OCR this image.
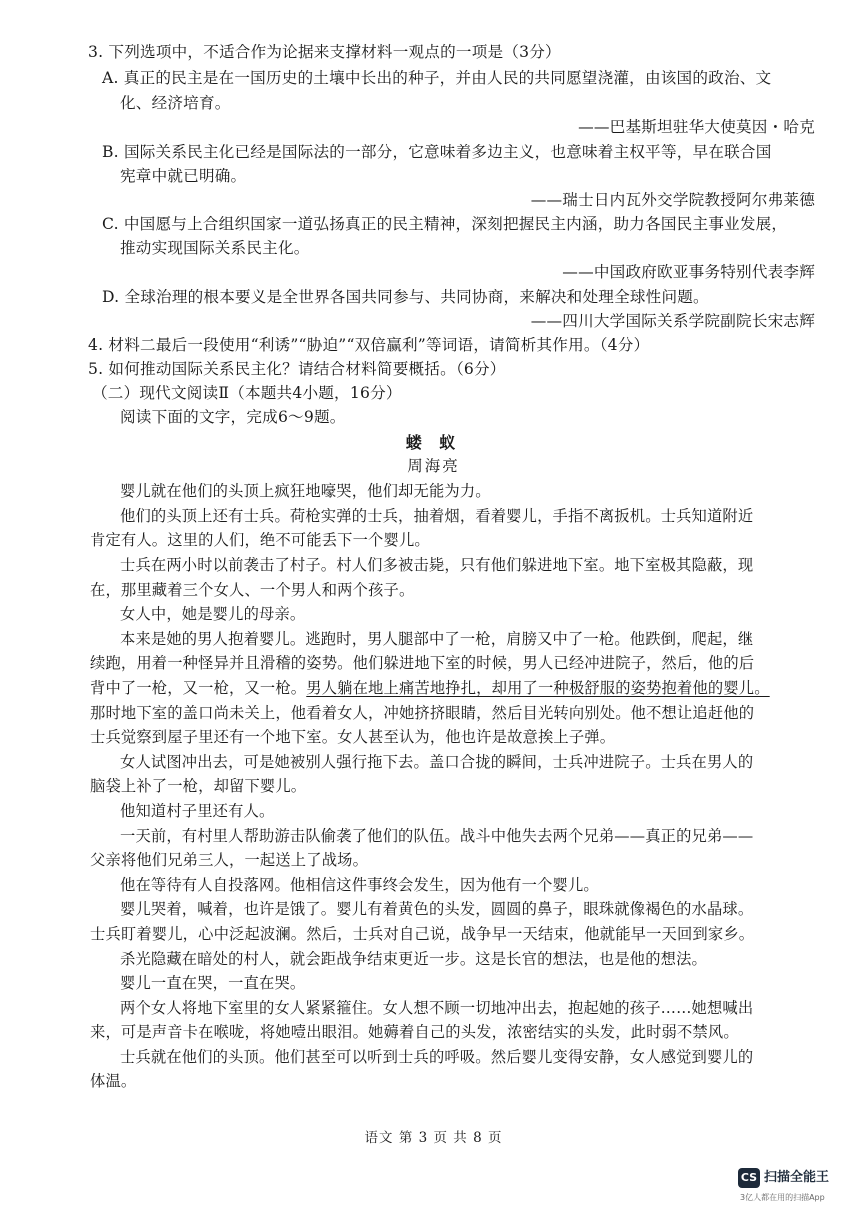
3. 下列选项中，不适合作为论据来支撑材料一观点的一项是（3分）
A. 真正的民主是在一国历史的土壤中长出的种子，并由人民的共同愿望浇灌，由该国的政治、文
化、经济培育。
——巴基斯坦驻华大使莫因・哈克
B. 国际关系民主化已经是国际法的一部分，它意味着多边主义，也意味着主权平等，早在联合国
宪章中就已明确。
——瑞士日内瓦外交学院教授阿尔弗莱德
C. 中国愿与上合组织国家一道弘扬真正的民主精神，深刻把握民主内涵，助力各国民主事业发展，
推动实现国际关系民主化。
——中国政府欧亚事务特别代表李辉
D. 全球治理的根本要义是全世界各国共同参与、共同协商，来解决和处理全球性问题。
——四川大学国际关系学院副院长宋志辉
4. 材料二最后一段使用“利诱”“胁迫”“双倍赢利”等词语，请简析其作用。（4分）
5. 如何推动国际关系民主化？请结合材料简要概括。（6分）
（二）现代文阅读Ⅱ（本题共4小题，16分）
阅读下面的文字，完成6～9题。
蝼 蚁
周海亮
婴儿就在他们的头顶上疯狂地嚎哭，他们却无能为力。
他们的头顶上还有士兵。荷枪实弹的士兵，抽着烟，看着婴儿，手指不离扳机。士兵知道附近
肯定有人。这里的人们，绝不可能丢下一个婴儿。
士兵在两小时以前袭击了村子。村人们多被击毙，只有他们躲进地下室。地下室极其隐蔽，现
在，那里藏着三个女人、一个男人和两个孩子。
女人中，她是婴儿的母亲。
本来是她的男人抱着婴儿。逃跑时，男人腿部中了一枪，肩膀又中了一枪。他跌倒，爬起，继
续跑，用着一种怪异并且滑稽的姿势。他们躲进地下室的时候，男人已经冲进院子，然后，他的后
背中了一枪，又一枪，又一枪。男人躺在地上痛苦地挣扎，却用了一种极舒服的姿势抱着他的婴儿。
那时地下室的盖口尚未关上，他看着女人，冲她挤挤眼睛，然后目光转向别处。他不想让追赶他的
士兵觉察到屋子里还有一个地下室。女人甚至认为，他也许是故意挨上子弹。
女人试图冲出去，可是她被别人强行拖下去。盖口合拢的瞬间，士兵冲进院子。士兵在男人的
脑袋上补了一枪，却留下婴儿。
他知道村子里还有人。
一天前，有村里人帮助游击队偷袭了他们的队伍。战斗中他失去两个兄弟——真正的兄弟——
父亲将他们兄弟三人，一起送上了战场。
他在等待有人自投落网。他相信这件事终会发生，因为他有一个婴儿。
婴儿哭着，喊着，也许是饿了。婴儿有着黄色的头发，圆圆的鼻子，眼珠就像褐色的水晶球。
士兵盯着婴儿，心中泛起波澜。然后，士兵对自己说，战争早一天结束，他就能早一天回到家乡。
杀光隐藏在暗处的村人，就会距战争结束更近一步。这是长官的想法，也是他的想法。
婴儿一直在哭，一直在哭。
两个女人将地下室里的女人紧紧箍住。女人想不顾一切地冲出去，抱起她的孩子……她想喊出
来，可是声音卡在喉咙，将她噎出眼泪。她薅着自己的头发，浓密结实的头发，此时弱不禁风。
士兵就在他们的头顶。他们甚至可以听到士兵的呼吸。然后婴儿变得安静，女人感觉到婴儿的
体温。
语文 第 3 页 共 8 页
CS 扫描全能王
3亿人都在用的扫描App
